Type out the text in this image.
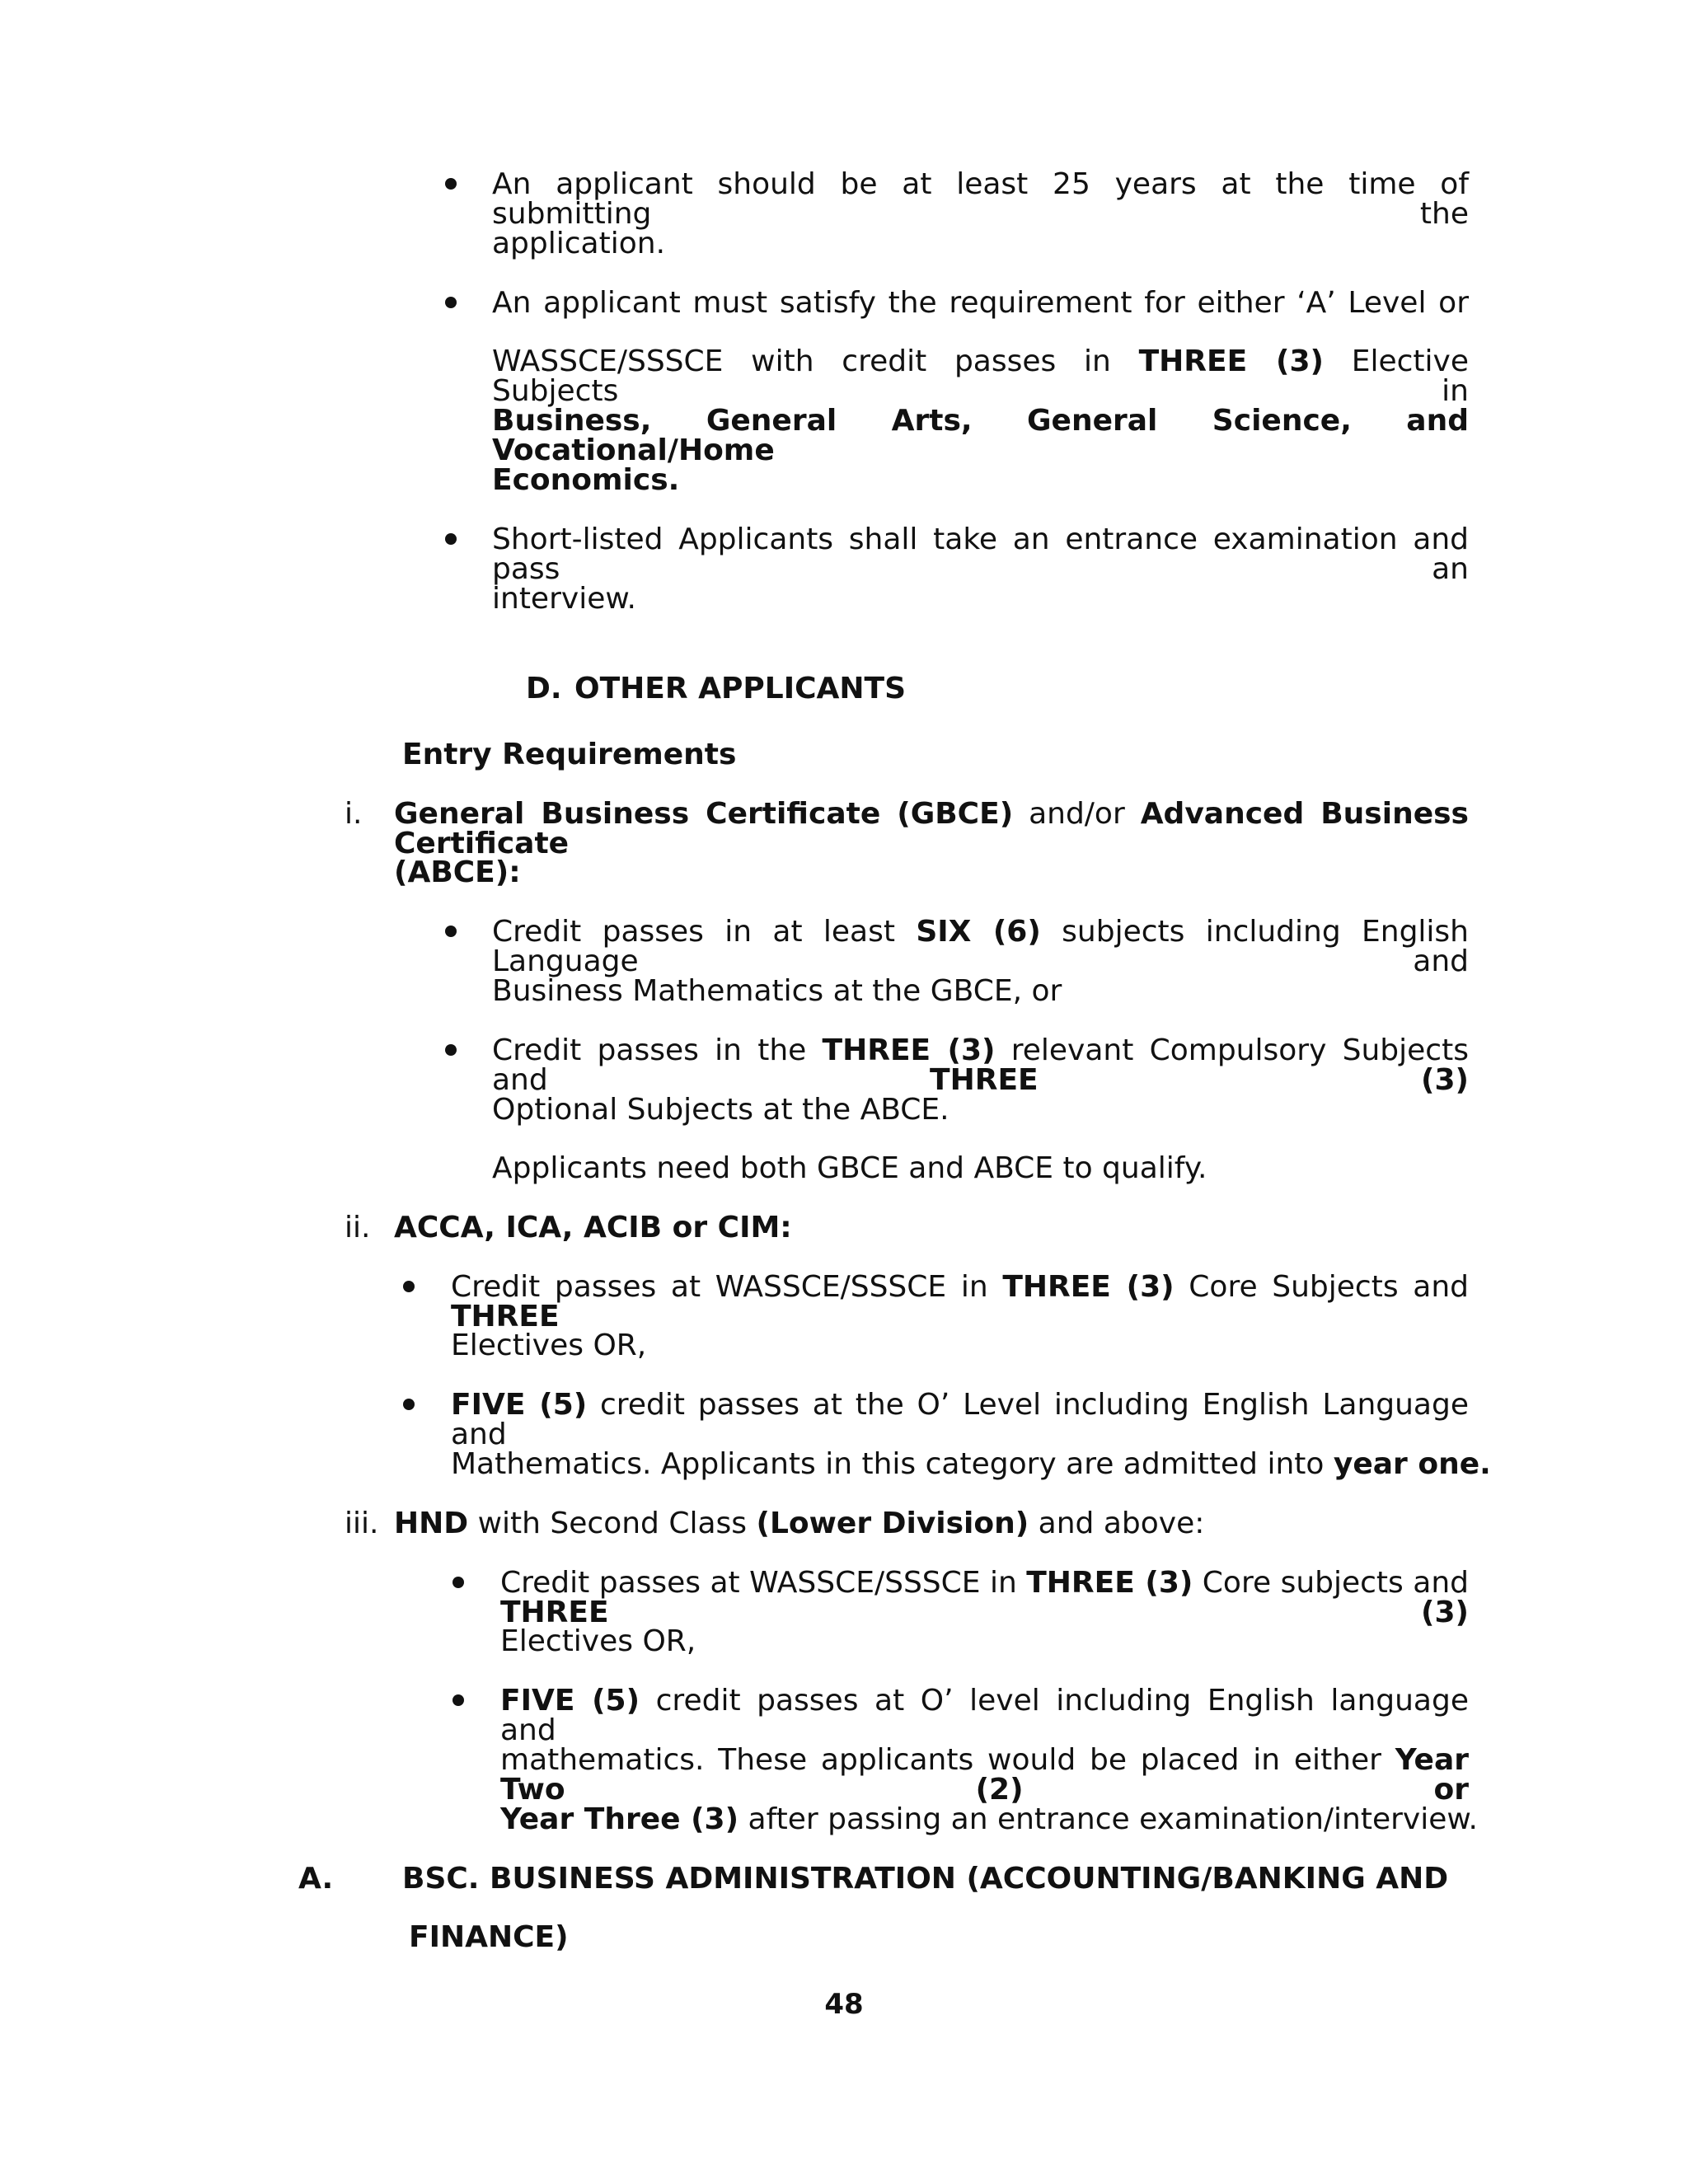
An applicant should be at least 25 years at the time of submitting the
application.
An applicant must satisfy the requirement for either ‘A’ Level or
WASSCE/SSSCE with credit passes in THREE (3) Elective Subjects in
Business, General Arts, General Science, and Vocational/Home
Economics.
Short-listed Applicants shall take an entrance examination and pass an
interview.
D. OTHER APPLICANTS
Entry Requirements
i. General Business Certificate (GBCE) and/or Advanced Business Certificate
(ABCE):
Credit passes in at least SIX (6) subjects including English Language and
Business Mathematics at the GBCE, or
Credit passes in the THREE (3) relevant Compulsory Subjects and	THREE (3)
Optional Subjects at the ABCE.
Applicants need both GBCE and ABCE to qualify.
ii. ACCA, ICA, ACIB or CIM:
Credit passes at WASSCE/SSSCE in THREE (3) Core Subjects and THREE
Electives OR,
FIVE (5) credit passes at the O’ Level including English Language and
Mathematics. Applicants in this category are admitted into year one.
iii. HND with Second Class (Lower Division) and above:
Credit passes at WASSCE/SSSCE in THREE (3) Core subjects and THREE (3)
Electives OR,
FIVE (5) credit passes at O’ level including English language and
mathematics. These applicants would be placed in either Year Two (2) or
Year Three (3) after passing an entrance examination/interview.
A. BSC. BUSINESS ADMINISTRATION (ACCOUNTING/BANKING AND
FINANCE)
48
